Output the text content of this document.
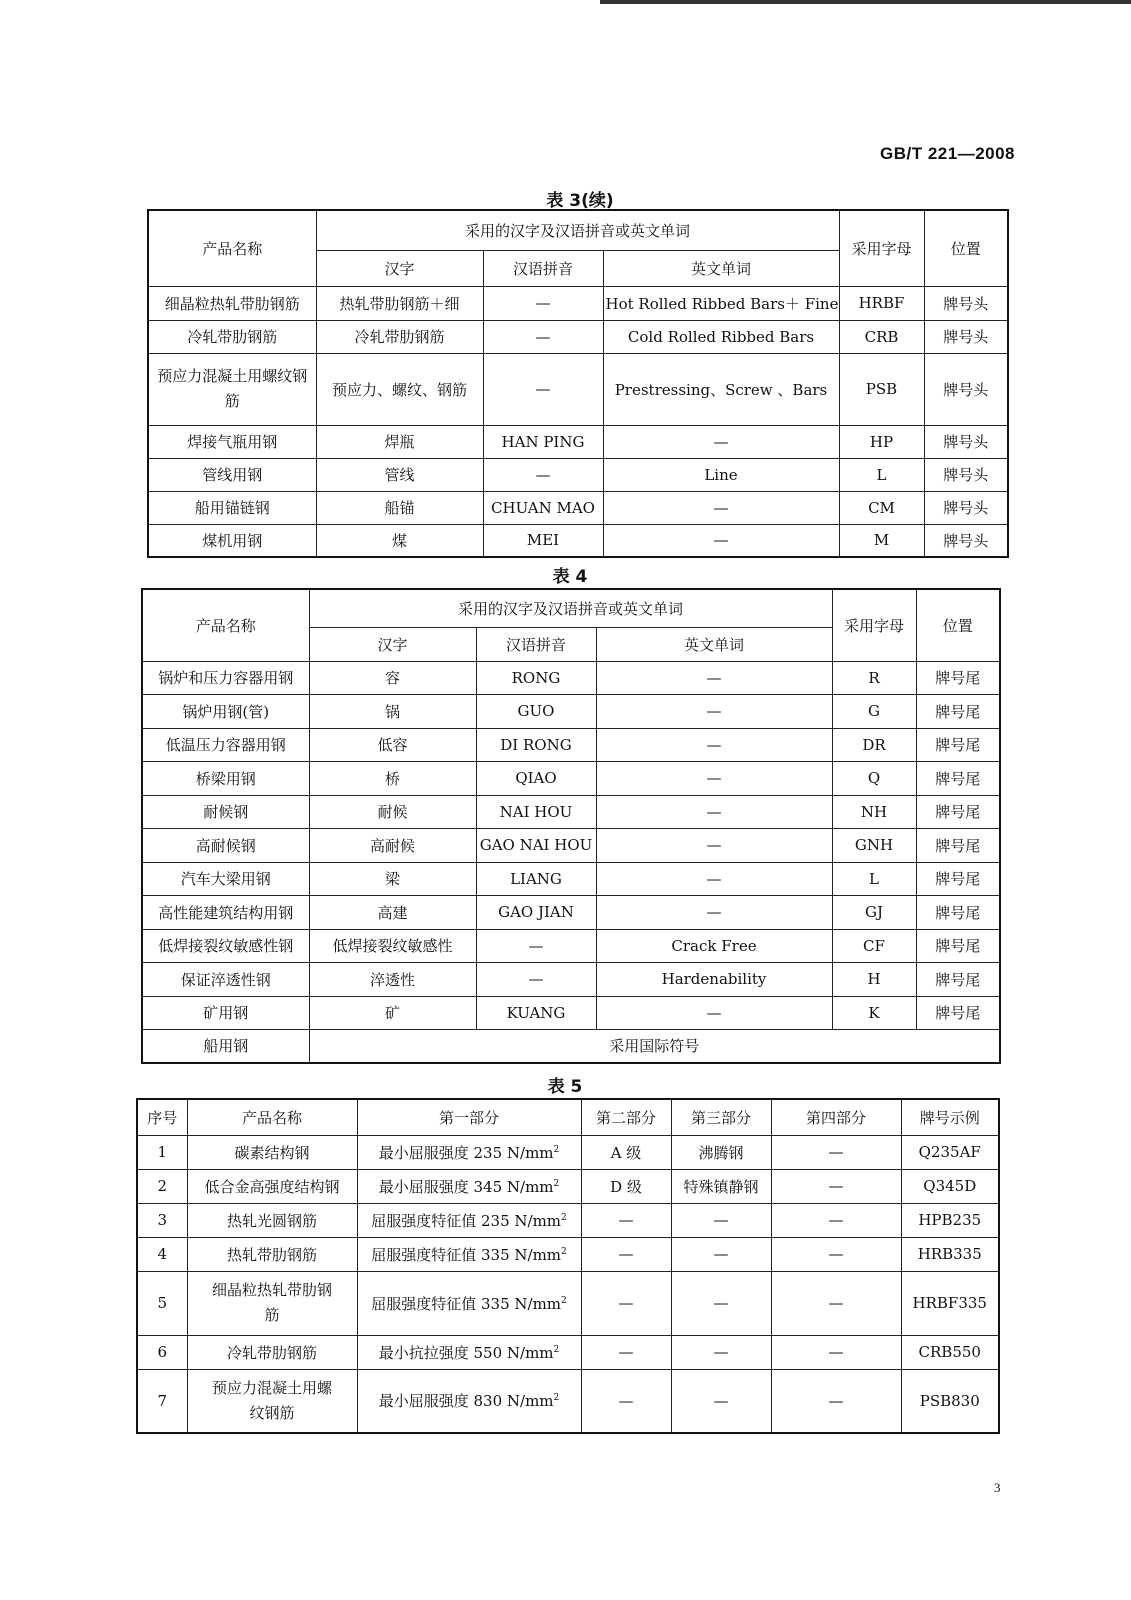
GB/T 221—2008
表 3(续)
产品名称	采用的汉字及汉语拼音或英文单词			采用字母	位置
	汉字	汉语拼音	英文单词		
细晶粒热轧带肋钢筋	热轧带肋钢筋＋细	—	Hot Rolled Ribbed Bars＋ Fine	HRBF	牌号头
冷轧带肋钢筋	冷轧带肋钢筋	—	Cold Rolled Ribbed Bars	CRB	牌号头
预应力混凝土用螺纹钢筋	预应力、螺纹、钢筋	—	Prestressing、Screw 、Bars	PSB	牌号头
焊接气瓶用钢	焊瓶	HAN PING	—	HP	牌号头
管线用钢	管线	—	Line	L	牌号头
船用锚链钢	船锚	CHUAN MAO	—	CM	牌号头
煤机用钢	煤	MEI	—	M	牌号头
表 4
产品名称	采用的汉字及汉语拼音或英文单词			采用字母	位置
	汉字	汉语拼音	英文单词		
锅炉和压力容器用钢	容	RONG	—	R	牌号尾
锅炉用钢(管)	锅	GUO	—	G	牌号尾
低温压力容器用钢	低容	DI RONG	—	DR	牌号尾
桥梁用钢	桥	QIAO	—	Q	牌号尾
耐候钢	耐候	NAI HOU	—	NH	牌号尾
高耐候钢	高耐候	GAO NAI HOU	—	GNH	牌号尾
汽车大梁用钢	梁	LIANG	—	L	牌号尾
高性能建筑结构用钢	高建	GAO JIAN	—	GJ	牌号尾
低焊接裂纹敏感性钢	低焊接裂纹敏感性	—	Crack Free	CF	牌号尾
保证淬透性钢	淬透性	—	Hardenability	H	牌号尾
矿用钢	矿	KUANG	—	K	牌号尾
船用钢	采用国际符号				
表 5
序号	产品名称	第一部分	第二部分	第三部分	第四部分	牌号示例
1	碳素结构钢	最小屈服强度 235 $N/mm^2$	A 级	沸腾钢	—	Q235AF
2	低合金高强度结构钢	最小屈服强度 345 $N/mm^2$	D 级	特殊镇静钢	—	Q345D
3	热轧光圆钢筋	屈服强度特征值 235 $N/mm^2$	—	—	—	HPB235
4	热轧带肋钢筋	屈服强度特征值 335 $N/mm^2$	—	—	—	HRB335
5	细晶粒热轧带肋钢筋	屈服强度特征值 335 $N/mm^2$	—	—	—	HRBF335
6	冷轧带肋钢筋	最小抗拉强度 550 $N/mm^2$	—	—	—	CRB550
7	预应力混凝土用螺纹钢筋	最小屈服强度 830 $N/mm^2$	—	—	—	PSB830
3
